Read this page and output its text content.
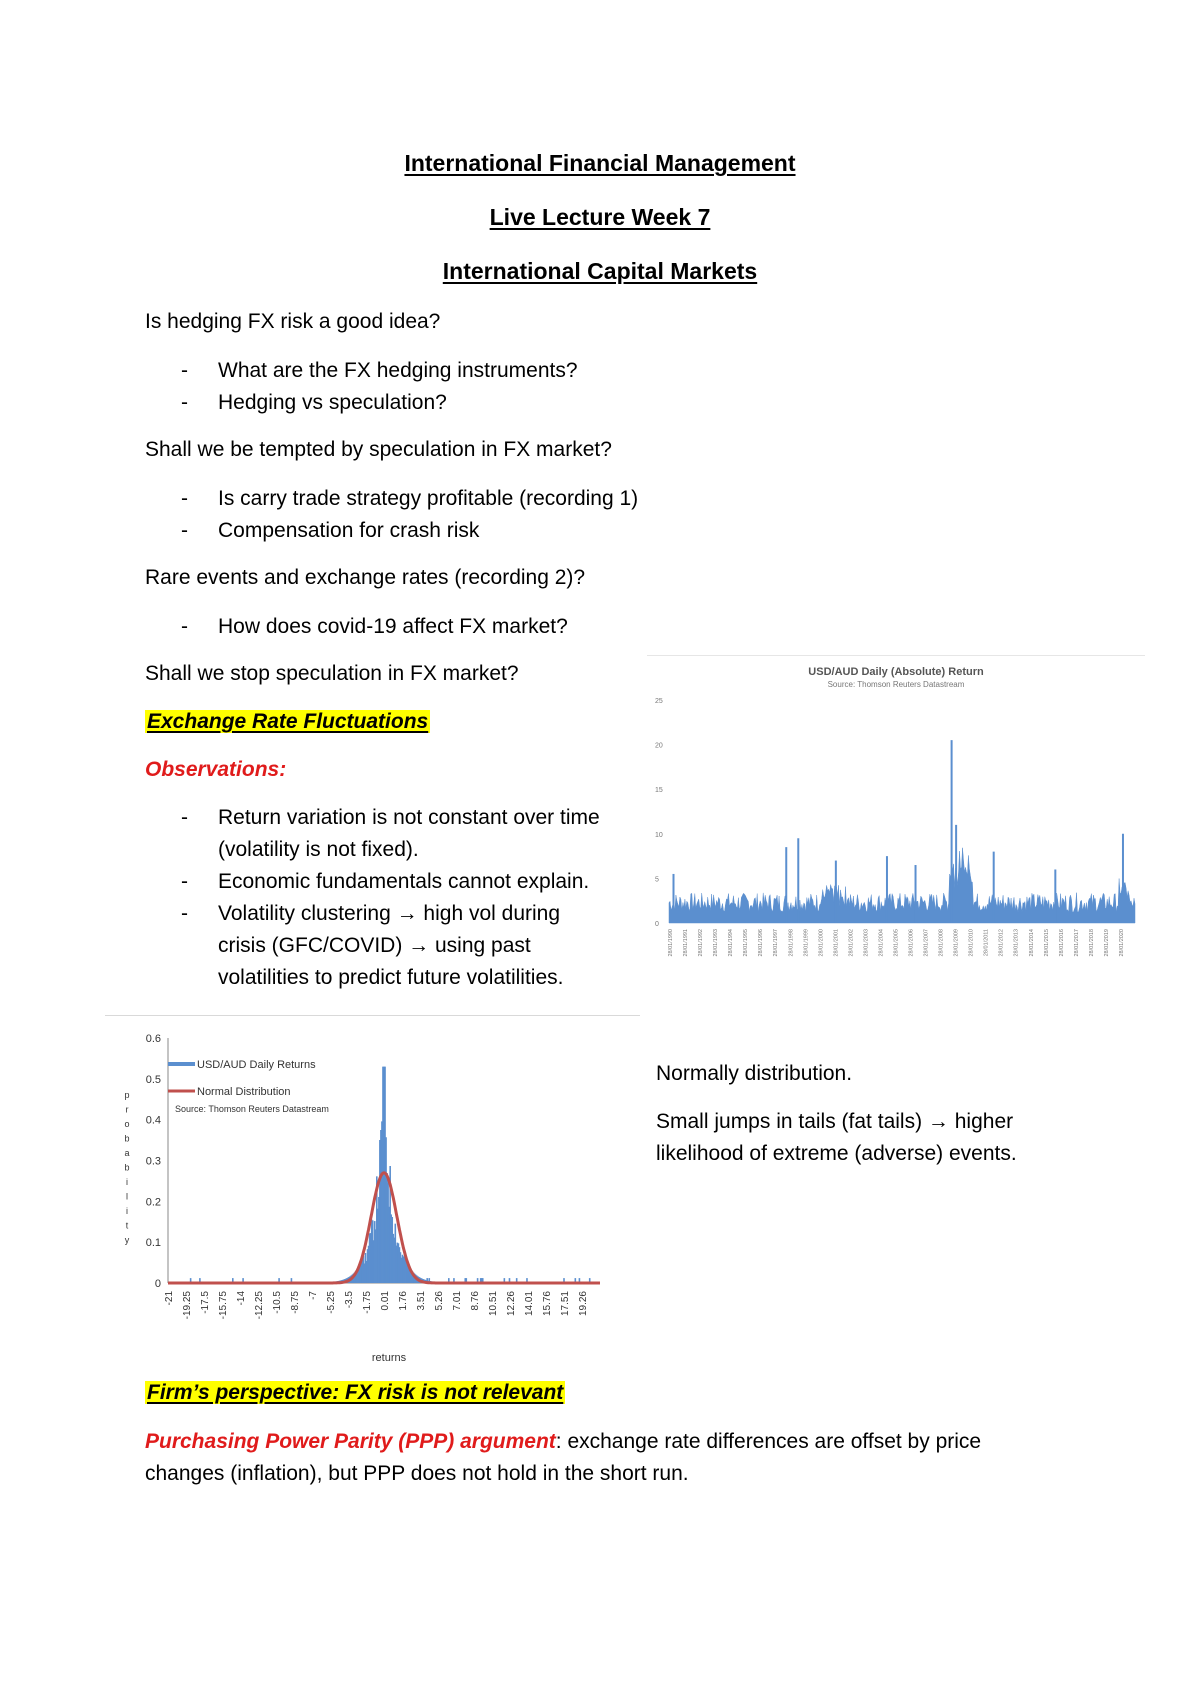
International Financial Management
Live Lecture Week 7
International Capital Markets
Is hedging FX risk a good idea?
- What are the FX hedging instruments?
- Hedging vs speculation?
Shall we be tempted by speculation in FX market?
- Is carry trade strategy profitable (recording 1)
- Compensation for crash risk
Rare events and exchange rates (recording 2)?
- How does covid-19 affect FX market?
Shall we stop speculation in FX market?
Exchange Rate Fluctuations
Observations:
- Return variation is not constant over time (volatility is not fixed).
- Economic fundamentals cannot explain.
- Volatility clustering → high vol during crisis (GFC/COVID) → using past volatilities to predict future volatilities.
USD/AUD Daily (Absolute) Return
Source: Thomson Reuters Datastream
0
5
10
15
20
25
28/01/1990 28/01/1991 28/01/1992 28/01/1993 28/01/1994 28/01/1995 28/01/1996 28/01/1997 28/01/1998 28/01/1999 28/01/2000 28/01/2001 28/01/2002 28/01/2003 28/01/2004 28/01/2005 28/01/2006 28/01/2007 28/01/2008 28/01/2009 28/01/2010 28/01/2011 28/01/2012 28/01/2013 28/01/2014 28/01/2015 28/01/2016 28/01/2017 28/01/2018 28/01/2019 28/01/2020
p
r
o
b
a
b
i
l
i
t
y
0
0.1
0.2
0.3
0.4
0.5
0.6
-21 -19.25 -17.5 -15.75 -14 -12.25 -10.5 -8.75 -7 -5.25 -3.5 -1.75 0.01 1.76 3.51 5.26 7.01 8.76 10.51 12.26 14.01 15.76 17.51 19.26
USD/AUD Daily Returns
Normal Distribution
Source: Thomson Reuters Datastream
returns
Normally distribution.
Small jumps in tails (fat tails) → higher likelihood of extreme (adverse) events.
Firm’s perspective: FX risk is not relevant
Purchasing Power Parity (PPP) argument: exchange rate differences are offset by price changes (inflation), but PPP does not hold in the short run.
